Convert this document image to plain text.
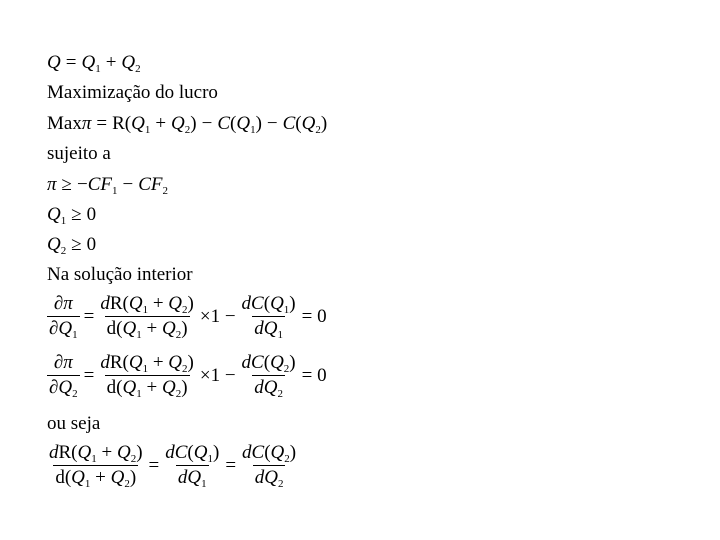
$Q = Q_1 + Q_2$
Maximização do lucro
$Max\pi = R(Q_1 + Q_2) - C(Q_1) - C(Q_2)$
sujeito a
$\pi \ge -CF_1 - CF_2$
$Q_1 \ge 0$
$Q_2 \ge 0$
Na solução interior
$\frac{\partial\pi}{\partial Q_1} = \frac{dR(Q_1 + Q_2)}{d(Q_1 + Q_2)} \times 1 - \frac{dC(Q_1)}{dQ_1} = 0$
$\frac{\partial\pi}{\partial Q_2} = \frac{dR(Q_1 + Q_2)}{d(Q_1 + Q_2)} \times 1 - \frac{dC(Q_2)}{dQ_2} = 0$
ou seja
$\frac{dR(Q_1 + Q_2)}{d(Q_1 + Q_2)} = \frac{dC(Q_1)}{dQ_1} = \frac{dC(Q_2)}{dQ_2}$
